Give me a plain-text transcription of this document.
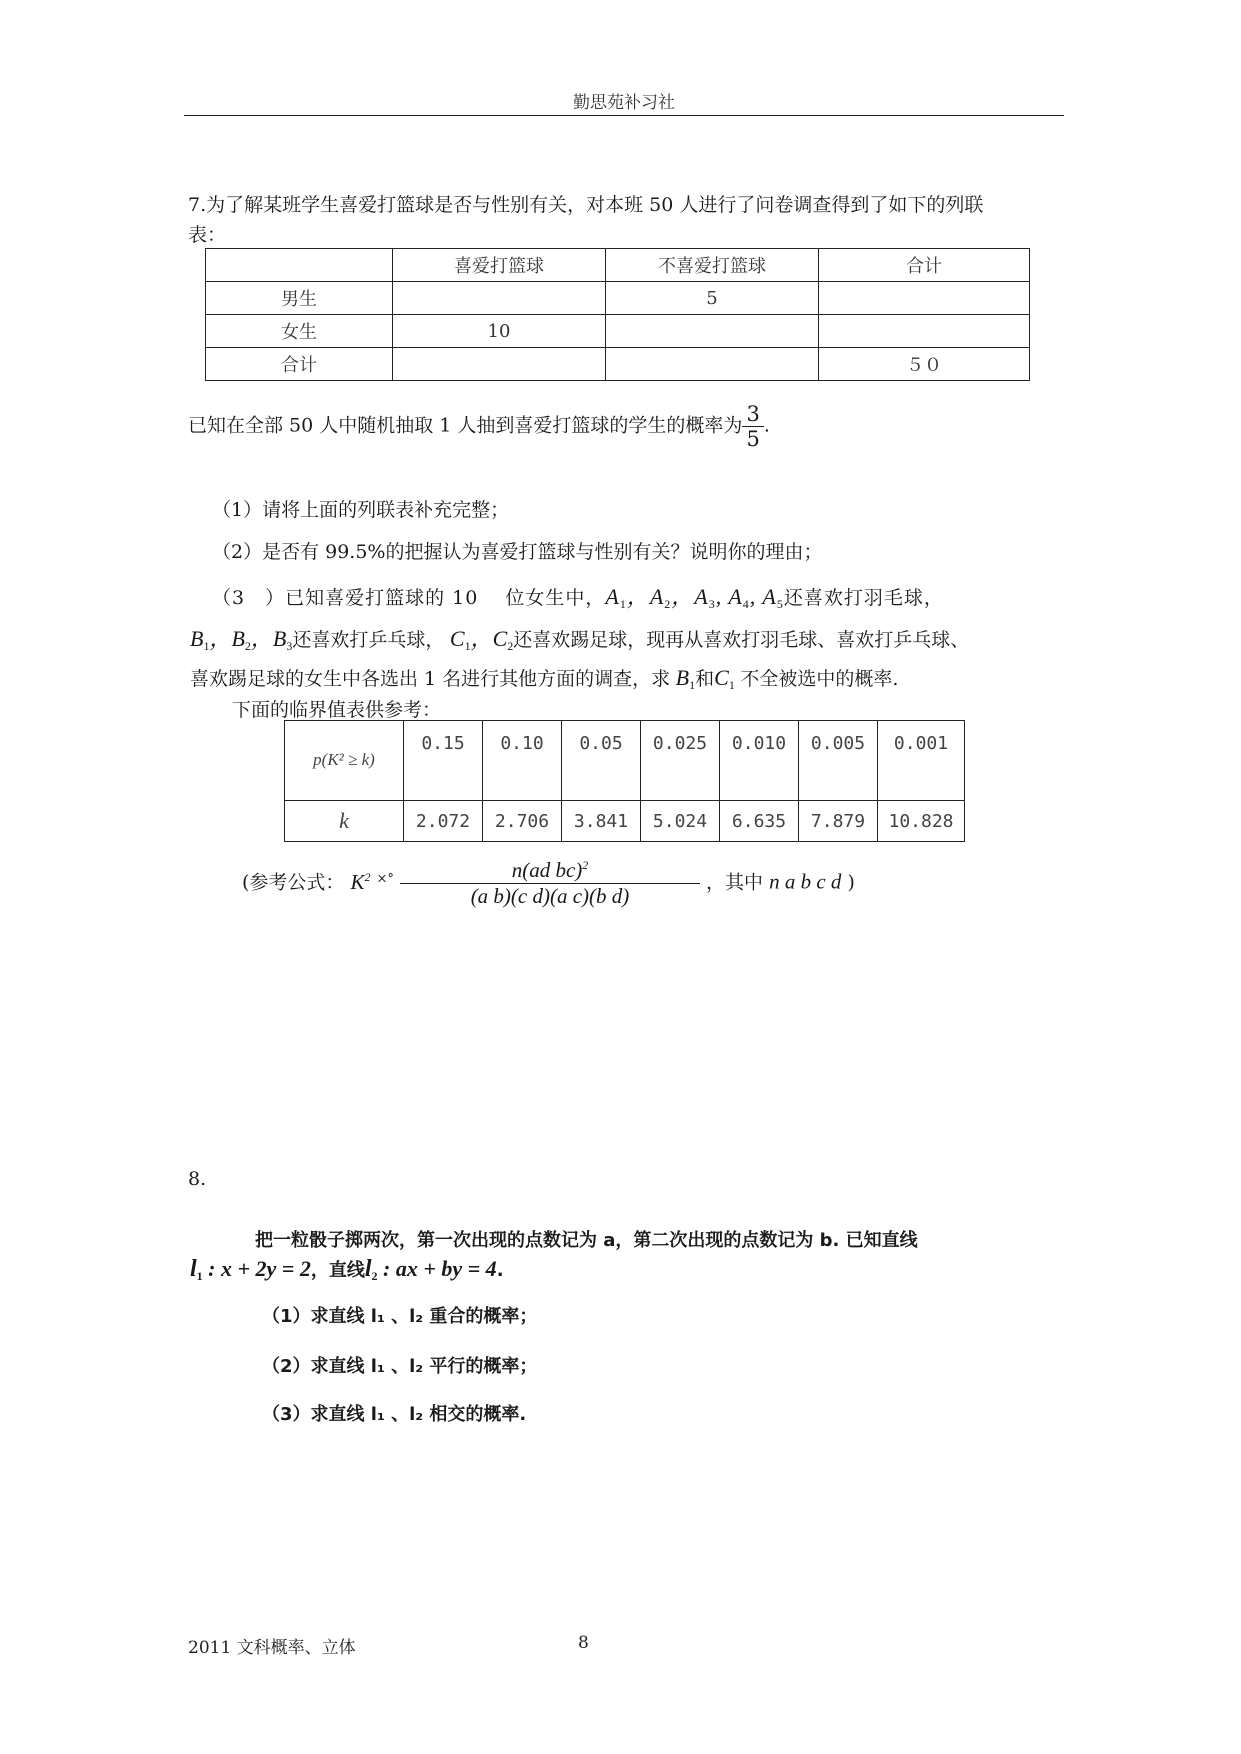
勤思苑补习社
7.为了解某班学生喜爱打篮球是否与性别有关，对本班 50 人进行了问卷调查得到了如下的列联
表：
	喜爱打篮球	不喜爱打篮球	合计
男生		5	
女生	10		
合计			５０
已知在全部 50 人中随机抽取 1 人抽到喜爱打篮球的学生的概率为 $\frac{3}{5}$ .
（1）请将上面的列联表补充完整；
（2）是否有 99.5%的把握认为喜爱打篮球与性别有关？说明你的理由；
（3　）已知喜爱打篮球的 10　 位女生中，$A_1$，$A_2$，$A_3$, $A_4$, $A_5$还喜欢打羽毛球，
$B_1$，$B_2$，$B_3$还喜欢打乒乓球， $C_1$，$C_2$还喜欢踢足球，现再从喜欢打羽毛球、喜欢打乒乓球、
喜欢踢足球的女生中各选出 1 名进行其他方面的调查，求 $B_1$和$C_1$ 不全被选中的概率.
下面的临界值表供参考：
p(K² ≥ k)	0.15	0.10	0.05	0.025	0.010	0.005	0.001
k	2.072	2.706	3.841	5.024	6.635	7.879	10.828
(参考公式： $K^2$ $^{\times^\circ} \frac{n(ad bc)^2}{\text{(a b)(c d)(a c)(b d)}}$ ，其中 n a b c d )
8.
把一粒骰子掷两次，第一次出现的点数记为 a，第二次出现的点数记为 b. 已知直线
$l_1$ : x + 2y = 2，直线$l_2$ : ax + by = 4.
（1）求直线 l₁ 、l₂ 重合的概率；
（2）求直线 l₁ 、l₂ 平行的概率；
（3）求直线 l₁ 、l₂ 相交的概率.
2011 文科概率、立体	8
